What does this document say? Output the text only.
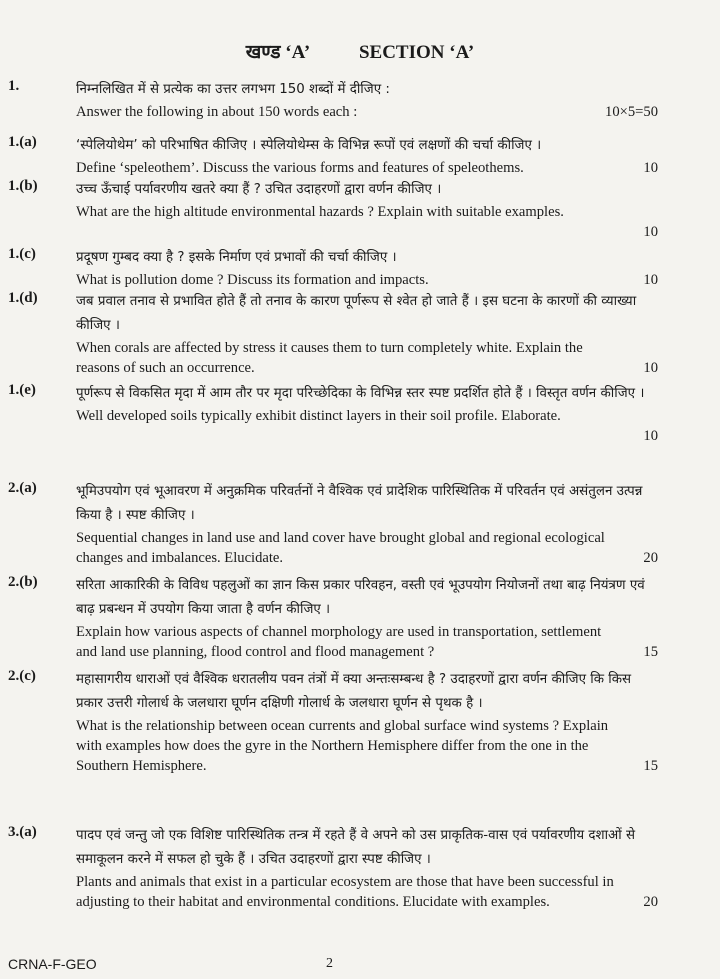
खण्ड ‘A’	SECTION ‘A’
1.	निम्नलिखित में से प्रत्येक का उत्तर लगभग 150 शब्दों में दीजिए :

Answer the following in about 150 words each :	10×5=50
1.(a)	‘स्पेलियोथेम’ को परिभाषित कीजिए । स्पेलियोथेम्स के विभिन्न रूपों एवं लक्षणों की चर्चा कीजिए ।

Define ‘speleothem’. Discuss the various forms and features of speleothems.	10
1.(b)	उच्च ऊँचाई पर्यावरणीय खतरे क्या हैं ? उचित उदाहरणों द्वारा वर्णन कीजिए ।

What are the high altitude environmental hazards ? Explain with suitable examples.

10
1.(c)	प्रदूषण गुम्बद क्या है ? इसके निर्माण एवं प्रभावों की चर्चा कीजिए ।

What is pollution dome ? Discuss its formation and impacts.	10
1.(d)	जब प्रवाल तनाव से प्रभावित होते हैं तो तनाव के कारण पूर्णरूप से श्वेत हो जाते हैं । इस घटना के कारणों की व्याख्या कीजिए ।

When corals are affected by stress it causes them to turn completely white. Explain the reasons of such an occurrence.	10
1.(e)	पूर्णरूप से विकसित मृदा में आम तौर पर मृदा परिच्छेदिका के विभिन्न स्तर स्पष्ट प्रदर्शित होते हैं । विस्तृत वर्णन कीजिए ।

Well developed soils typically exhibit distinct layers in their soil profile. Elaborate.

10
2.(a)	भूमिउपयोग एवं भूआवरण में अनुक्रमिक परिवर्तनों ने वैश्विक एवं प्रादेशिक पारिस्थितिक में परिवर्तन एवं असंतुलन उत्पन्न किया है । स्पष्ट कीजिए ।

Sequential changes in land use and land cover have brought global and regional ecological changes and imbalances. Elucidate.	20
2.(b)	सरिता आकारिकी के विविध पहलुओं का ज्ञान किस प्रकार परिवहन, वस्ती एवं भूउपयोग नियोजनों तथा बाढ़ नियंत्रण एवं बाढ़ प्रबन्धन में उपयोग किया जाता है वर्णन कीजिए ।

Explain how various aspects of channel morphology are used in transportation, settlement and land use planning, flood control and flood management ?	15
2.(c)	महासागरीय धाराओं एवं वैश्विक धरातलीय पवन तंत्रों में क्या अन्तःसम्बन्ध है ? उदाहरणों द्वारा वर्णन कीजिए कि किस प्रकार उत्तरी गोलार्ध के जलधारा घूर्णन दक्षिणी गोलार्ध के जलधारा घूर्णन से पृथक है ।

What is the relationship between ocean currents and global surface wind systems ? Explain with examples how does the gyre in the Northern Hemisphere differ from the one in the Southern Hemisphere.	15
3.(a)	पादप एवं जन्तु जो एक विशिष्ट पारिस्थितिक तन्त्र में रहते हैं वे अपने को उस प्राकृतिक-वास एवं पर्यावरणीय दशाओं से समाकूलन करने में सफल हो चुके हैं । उचित उदाहरणों द्वारा स्पष्ट कीजिए ।

Plants and animals that exist in a particular ecosystem are those that have been successful in adjusting to their habitat and environmental conditions. Elucidate with examples.	20
CRNA-F-GEO	2
